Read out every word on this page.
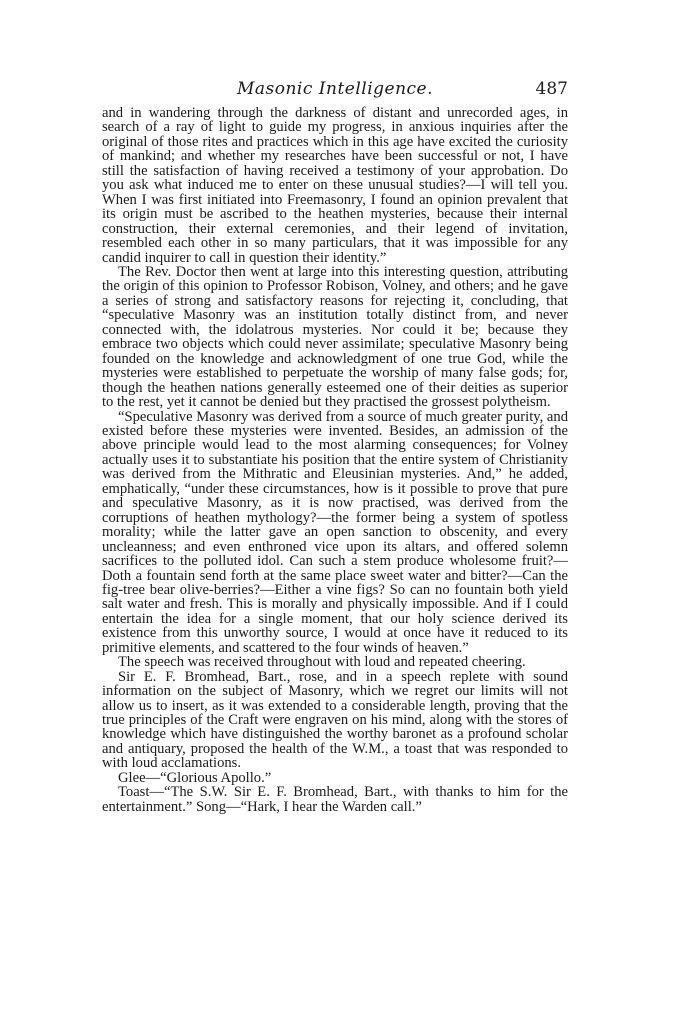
Masonic Intelligence.	487

and in wandering through the darkness of distant and unrecorded ages, in search of a ray of light to guide my progress, in anxious inquiries after the original of those rites and practices which in this age have excited the curiosity of mankind; and whether my researches have been successful or not, I have still the satisfaction of having received a testimony of your approbation. Do you ask what induced me to enter on these unusual studies?—I will tell you. When I was first initiated into Freemasonry, I found an opinion prevalent that its origin must be ascribed to the heathen mysteries, because their internal construction, their external ceremonies, and their legend of invitation, resembled each other in so many particulars, that it was impossible for any candid inquirer to call in question their identity.”

The Rev. Doctor then went at large into this interesting question, attributing the origin of this opinion to Professor Robison, Volney, and others; and he gave a series of strong and satisfactory reasons for rejecting it, concluding, that “speculative Masonry was an institution totally distinct from, and never connected with, the idolatrous mysteries. Nor could it be; because they embrace two objects which could never assimilate; speculative Masonry being founded on the knowledge and acknowledgment of one true God, while the mysteries were established to perpetuate the worship of many false gods; for, though the heathen nations generally esteemed one of their deities as superior to the rest, yet it cannot be denied but they practised the grossest polytheism.

“Speculative Masonry was derived from a source of much greater purity, and existed before these mysteries were invented. Besides, an admission of the above principle would lead to the most alarming consequences; for Volney actually uses it to substantiate his position that the entire system of Christianity was derived from the Mithratic and Eleusinian mysteries. And,” he added, emphatically, “under these circumstances, how is it possible to prove that pure and speculative Masonry, as it is now practised, was derived from the corruptions of heathen mythology?—the former being a system of spotless morality; while the latter gave an open sanction to obscenity, and every uncleanness; and even enthroned vice upon its altars, and offered solemn sacrifices to the polluted idol. Can such a stem produce wholesome fruit?—Doth a fountain send forth at the same place sweet water and bitter?—Can the fig-tree bear olive-berries?—Either a vine figs? So can no fountain both yield salt water and fresh. This is morally and physically impossible. And if I could entertain the idea for a single moment, that our holy science derived its existence from this unworthy source, I would at once have it reduced to its primitive elements, and scattered to the four winds of heaven.”

The speech was received throughout with loud and repeated cheering.

Sir E. F. Bromhead, Bart., rose, and in a speech replete with sound information on the subject of Masonry, which we regret our limits will not allow us to insert, as it was extended to a considerable length, proving that the true principles of the Craft were engraven on his mind, along with the stores of knowledge which have distinguished the worthy baronet as a profound scholar and antiquary, proposed the health of the W.M., a toast that was responded to with loud acclamations.

Glee—“Glorious Apollo.”

Toast—“The S.W. Sir E. F. Bromhead, Bart., with thanks to him for the entertainment.” Song—“Hark, I hear the Warden call.”
